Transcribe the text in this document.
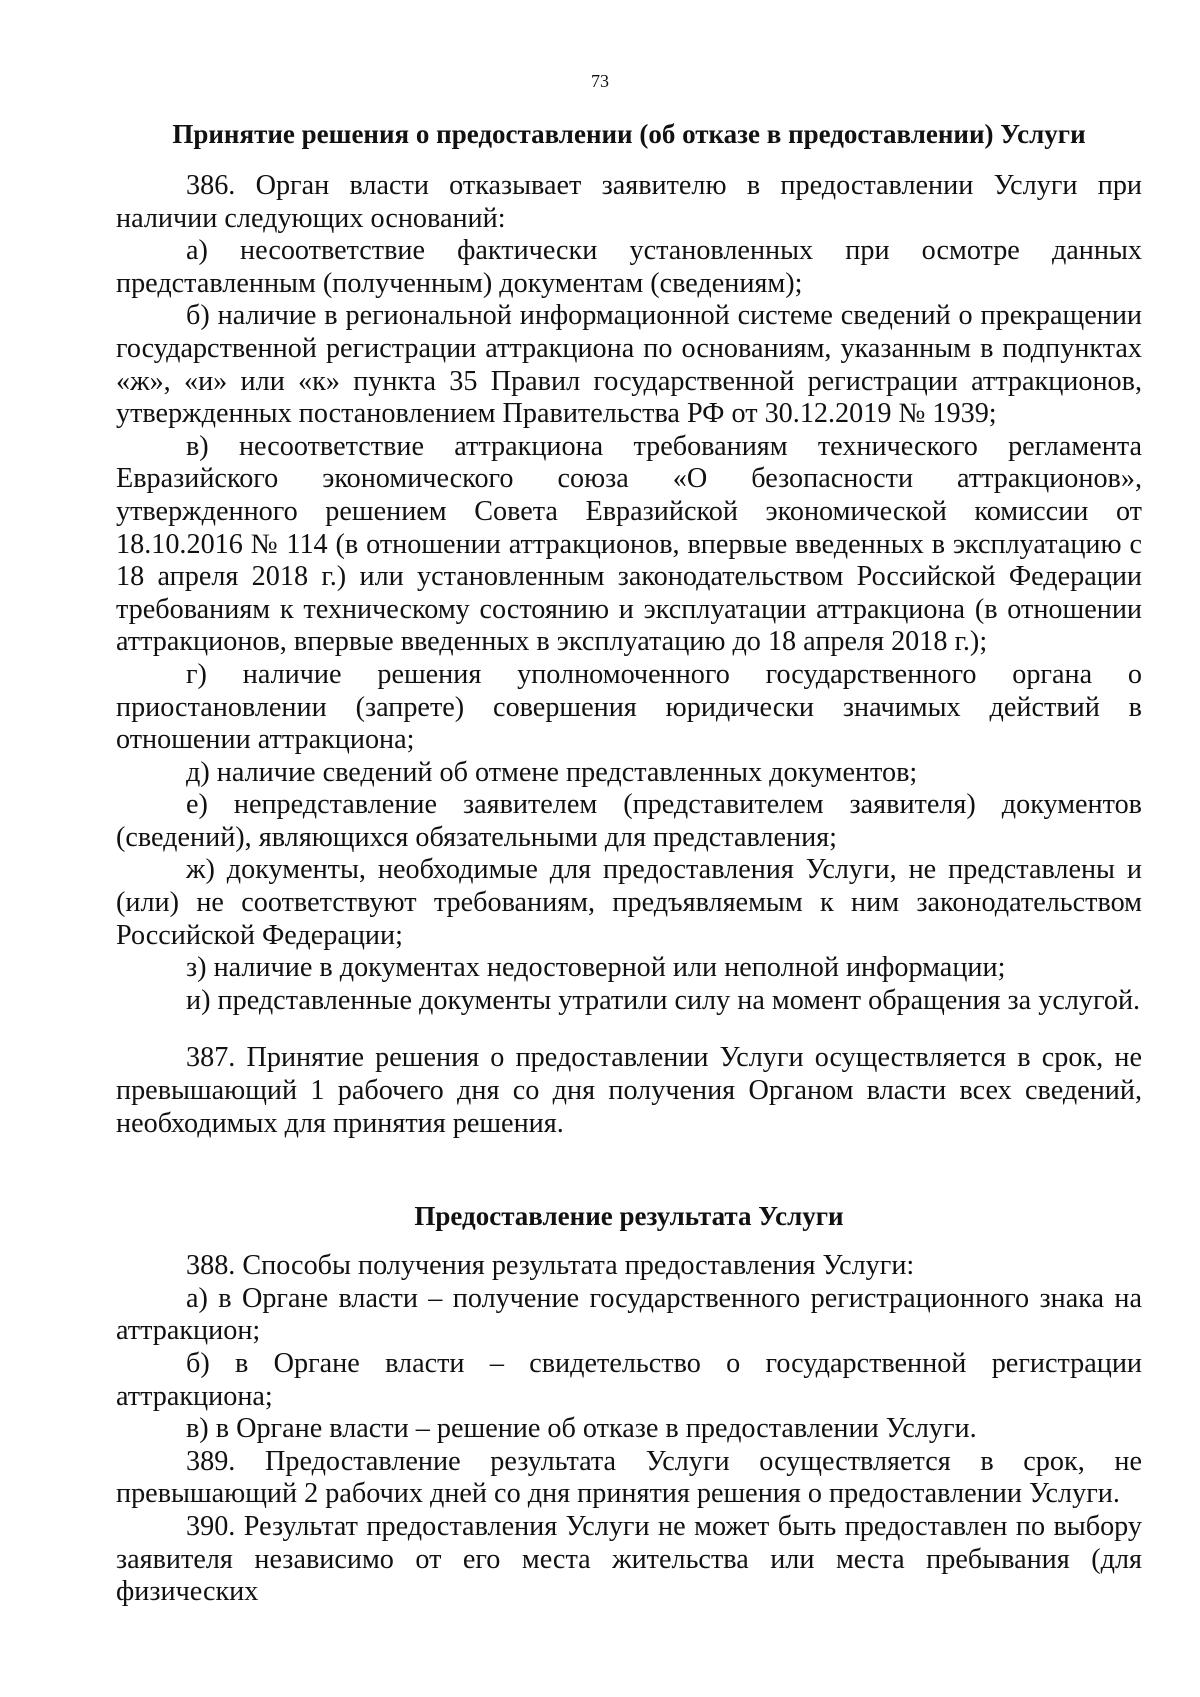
73
Принятие решения о предоставлении (об отказе в предоставлении) Услуги

386. Орган власти отказывает заявителю в предоставлении Услуги при наличии следующих оснований:

а) несоответствие фактически установленных при осмотре данных представленным (полученным) документам (сведениям);

б) наличие в региональной информационной системе сведений о прекращении государственной регистрации аттракциона по основаниям, указанным в подпунктах «ж», «и» или «к» пункта 35 Правил государственной регистрации аттракционов, утвержденных постановлением Правительства РФ от 30.12.2019 № 1939;

в) несоответствие аттракциона требованиям технического регламента Евразийского экономического союза «О безопасности аттракционов», утвержденного решением Совета Евразийской экономической комиссии от 18.10.2016 № 114 (в отношении аттракционов, впервые введенных в эксплуатацию с 18 апреля 2018 г.) или установленным законодательством Российской Федерации требованиям к техническому состоянию и эксплуатации аттракциона (в отношении аттракционов, впервые введенных в эксплуатацию до 18 апреля 2018 г.);

г) наличие решения уполномоченного государственного органа о приостановлении (запрете) совершения юридически значимых действий в отношении аттракциона;

д) наличие сведений об отмене представленных документов;

е) непредставление заявителем (представителем заявителя) документов (сведений), являющихся обязательными для представления;

ж) документы, необходимые для предоставления Услуги, не представлены и (или) не соответствуют требованиям, предъявляемым к ним законодательством Российской Федерации;

з) наличие в документах недостоверной или неполной информации;

и) представленные документы утратили силу на момент обращения за услугой.

387. Принятие решения о предоставлении Услуги осуществляется в срок, не превышающий 1 рабочего дня со дня получения Органом власти всех сведений, необходимых для принятия решения.

Предоставление результата Услуги

388. Способы получения результата предоставления Услуги:

а) в Органе власти – получение государственного регистрационного знака на аттракцион;

б) в Органе власти – свидетельство о государственной регистрации аттракциона;

в) в Органе власти – решение об отказе в предоставлении Услуги.

389. Предоставление результата Услуги осуществляется в срок, не превышающий 2 рабочих дней со дня принятия решения о предоставлении Услуги.

390. Результат предоставления Услуги не может быть предоставлен по выбору заявителя независимо от его места жительства или места пребывания (для физических
